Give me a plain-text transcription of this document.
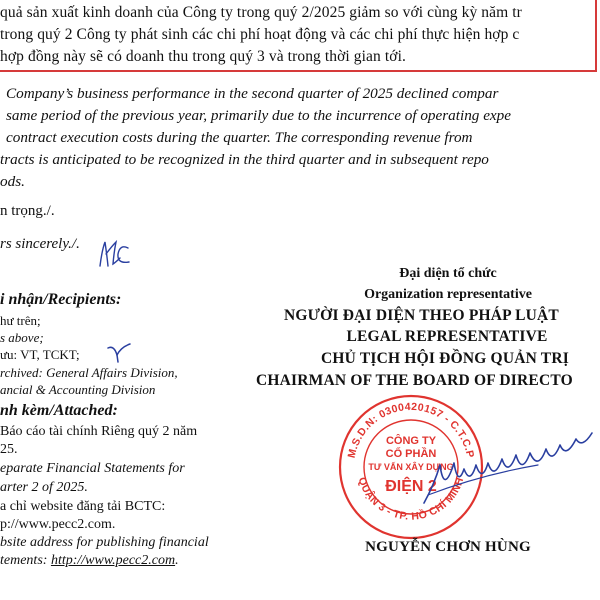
quả sản xuất kinh doanh của Công ty trong quý 2/2025 giảm so với cùng kỳ năm tr
trong quý 2 Công ty phát sinh các chi phí hoạt động và các chi phí thực hiện hợp c
hợp đồng này sẽ có doanh thu trong quý 3 và trong thời gian tới.
Company’s business performance in the second quarter of 2025 declined compar
same period of the previous year, primarily due to the incurrence of operating expe
contract execution costs during the quarter. The corresponding revenue from
tracts is anticipated to be recognized in the third quarter and in subsequent repo
ods.
n trọng./.
rs sincerely./.
i nhận/Recipients:
hư trên;
s above;
ưu: VT, TCKT;
rchived: General Affairs Division,
ancial & Accounting Division
nh kèm/Attached:
Báo cáo tài chính Riêng quý 2 năm
25.
eparate Financial Statements for
arter 2 of 2025.
a chỉ website đăng tải BCTC:
p://www.pecc2.com.
bsite address for publishing financial
tements: http://www.pecc2.com.
Đại diện tổ chức
Organization representative
NGƯỜI ĐẠI DIỆN THEO PHÁP LUẬT
LEGAL REPRESENTATIVE
CHỦ TỊCH HỘI ĐỒNG QUẢN TRỊ
CHAIRMAN OF THE BOARD OF DIRECTO
M.S.D.N: 0300420157 - C.T.C.P
QUẬN 3 - TP. HỒ CHÍ MINH
CÔNG TY
CỔ PHẦN
TƯ VẤN XÂY DỰNG
ĐIỆN 2
NGUYỄN CHƠN HÙNG
